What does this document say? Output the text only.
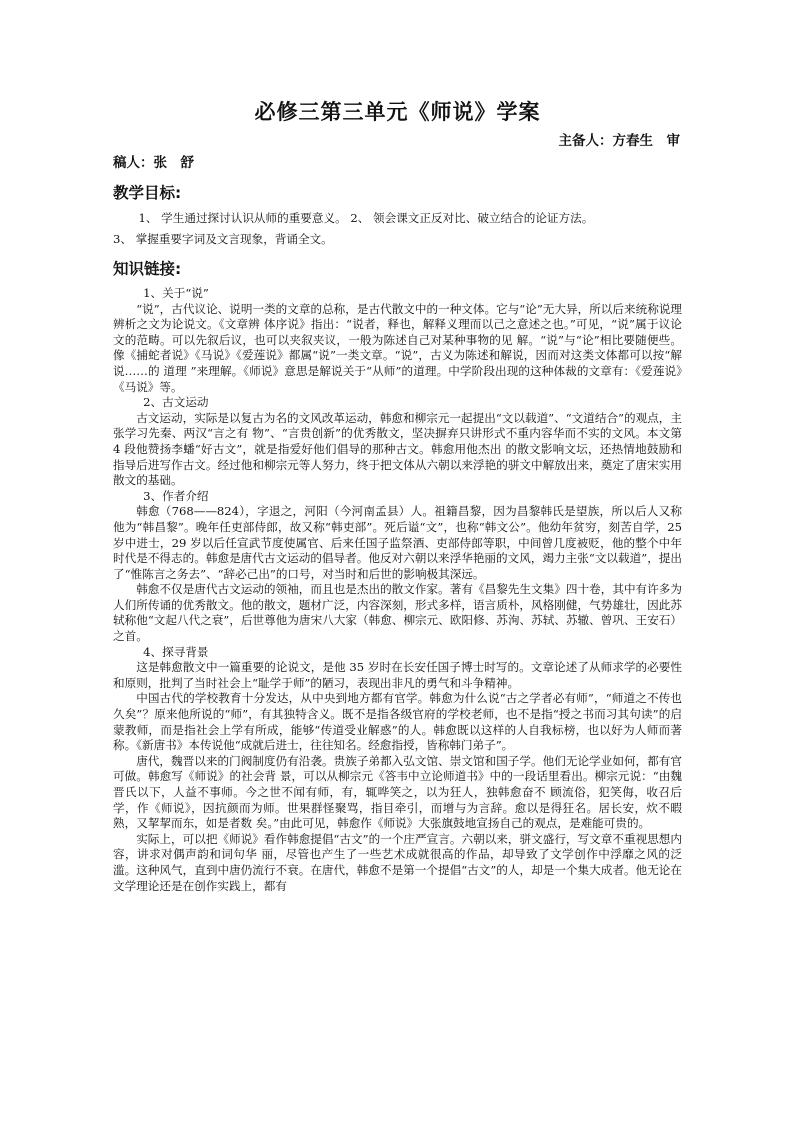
必修三第三单元《师说》学案
主备人：方春生　审
稿人：张　舒
教学目标:
1、 学生通过探讨认识从师的重要意义。 2、 领会课文正反对比、破立结合的论证方法。
3、 掌握重要字词及文言现象，背诵全文。
知识链接:
1、关于“说”
“说”，古代议论、说明一类的文章的总称，是古代散文中的一种文体。它与“论”无大异，所以后来统称说理辨析之文为论说文。《文章辨 体序说》指出：“说者，释也，解释义理而以己之意述之也。”可见，“说”属于议论文的范畴。可以先叙后议，也可以夹叙夹议，一般为陈述自己对某种事物的见 解。“说”与“论”相比要随便些。像《捕蛇者说》《马说》《爱莲说》都属“说”一类文章。“说”，古义为陈述和解说，因而对这类文体都可以按“解说……的 道理 ”来理解。《师说》意思是解说关于“从师”的道理。中学阶段出现的这种体裁的文章有：《爱莲说》《马说》等。
2、古文运动
古文运动，实际是以复古为名的文风改革运动，韩愈和柳宗元一起提出“文以载道”、“文道结合”的观点，主张学习先秦、两汉“言之有 物”、“言贵创新”的优秀散文，坚决摒弃只讲形式不重内容华而不实的文风。本文第 4 段他赞扬李蟠“好古文”，就是指爱好他们倡导的那种古文。韩愈用他杰出 的散文影响文坛，还热情地鼓励和指导后进写作古文。经过他和柳宗元等人努力，终于把文体从六朝以来浮艳的骈文中解放出来，奠定了唐宋实用散文的基础。
3、作者介绍
韩愈（768——824），字退之，河阳（今河南孟县）人。祖籍昌黎，因为昌黎韩氏是望族，所以后人又称他为“韩昌黎”。晚年任吏部侍郎，故又称“韩吏部”。死后谥“文”，也称“韩文公”。他幼年贫穷，刻苦自学，25 岁中进士，29 岁以后任宣武节度使属官、后来任国子监祭酒、吏部侍郎等职，中间曾几度被贬，他的整个中年时代是不得志的。韩愈是唐代古文运动的倡导者。他反对六朝以来浮华艳丽的文风，竭力主张“文以载道”，提出了“惟陈言之务去”、“辞必己出”的口号，对当时和后世的影响极其深远。
韩愈不仅是唐代古文运动的领袖，而且也是杰出的散文作家。著有《昌黎先生文集》四十卷，其中有许多为人们所传诵的优秀散文。他的散文，题材广泛，内容深刻，形式多样，语言质朴，风格刚健，气势雄壮，因此苏轼称他“文起八代之衰”，后世尊他为唐宋八大家（韩愈、柳宗元、欧阳修、苏洵、苏轼、苏辙、曾巩、王安石）之首。
4、探寻背景
这是韩愈散文中一篇重要的论说文，是他 35 岁时在长安任国子博士时写的。文章论述了从师求学的必要性和原则，批判了当时社会上“耻学于师”的陋习，表现出非凡的勇气和斗争精神。
中国古代的学校教育十分发达，从中央到地方都有官学。韩愈为什么说“古之学者必有师”，“师道之不传也久矣”？原来他所说的“师”，有其独特含义。既不是指各级官府的学校老师，也不是指“授之书而习其句读”的启蒙教师，而是指社会上学有所成，能够“传道受业解惑”的人。韩愈既以这样的人自我标榜，也以好为人师而著称。《新唐书》本传说他“成就后进士，往往知名。经愈指授，皆称韩门弟子”。
唐代，魏晋以来的门阀制度仍有沿袭。贵族子弟都入弘文馆、崇文馆和国子学。他们无论学业如何，都有官可做。韩愈写《师说》的社会背 景，可以从柳宗元《答韦中立论师道书》中的一段话里看出。柳宗元说：“由魏晋氏以下，人益不事师。今之世不闻有师，有，辄哗笑之，以为狂人，独韩愈奋不 顾流俗，犯笑侮，收召后学，作《师说》，因抗颜而为师。世果群怪聚骂，指目牵引，而增与为言辞。愈以是得狂名。居长安，炊不暇熟，又挈挈而东，如是者数 矣。”由此可见，韩愈作《师说》大张旗鼓地宣扬自己的观点，是难能可贵的。
实际上，可以把《师说》看作韩愈提倡“古文”的一个庄严宣言。六朝以来，骈文盛行，写文章不重视思想内容，讲求对偶声韵和词句华 丽，尽管也产生了一些艺术成就很高的作品，却导致了文学创作中浮靡之风的泛滥。这种风气，直到中唐仍流行不衰。在唐代，韩愈不是第一个提倡“古文”的人，却是一个集大成者。他无论在文学理论还是在创作实践上，都有
